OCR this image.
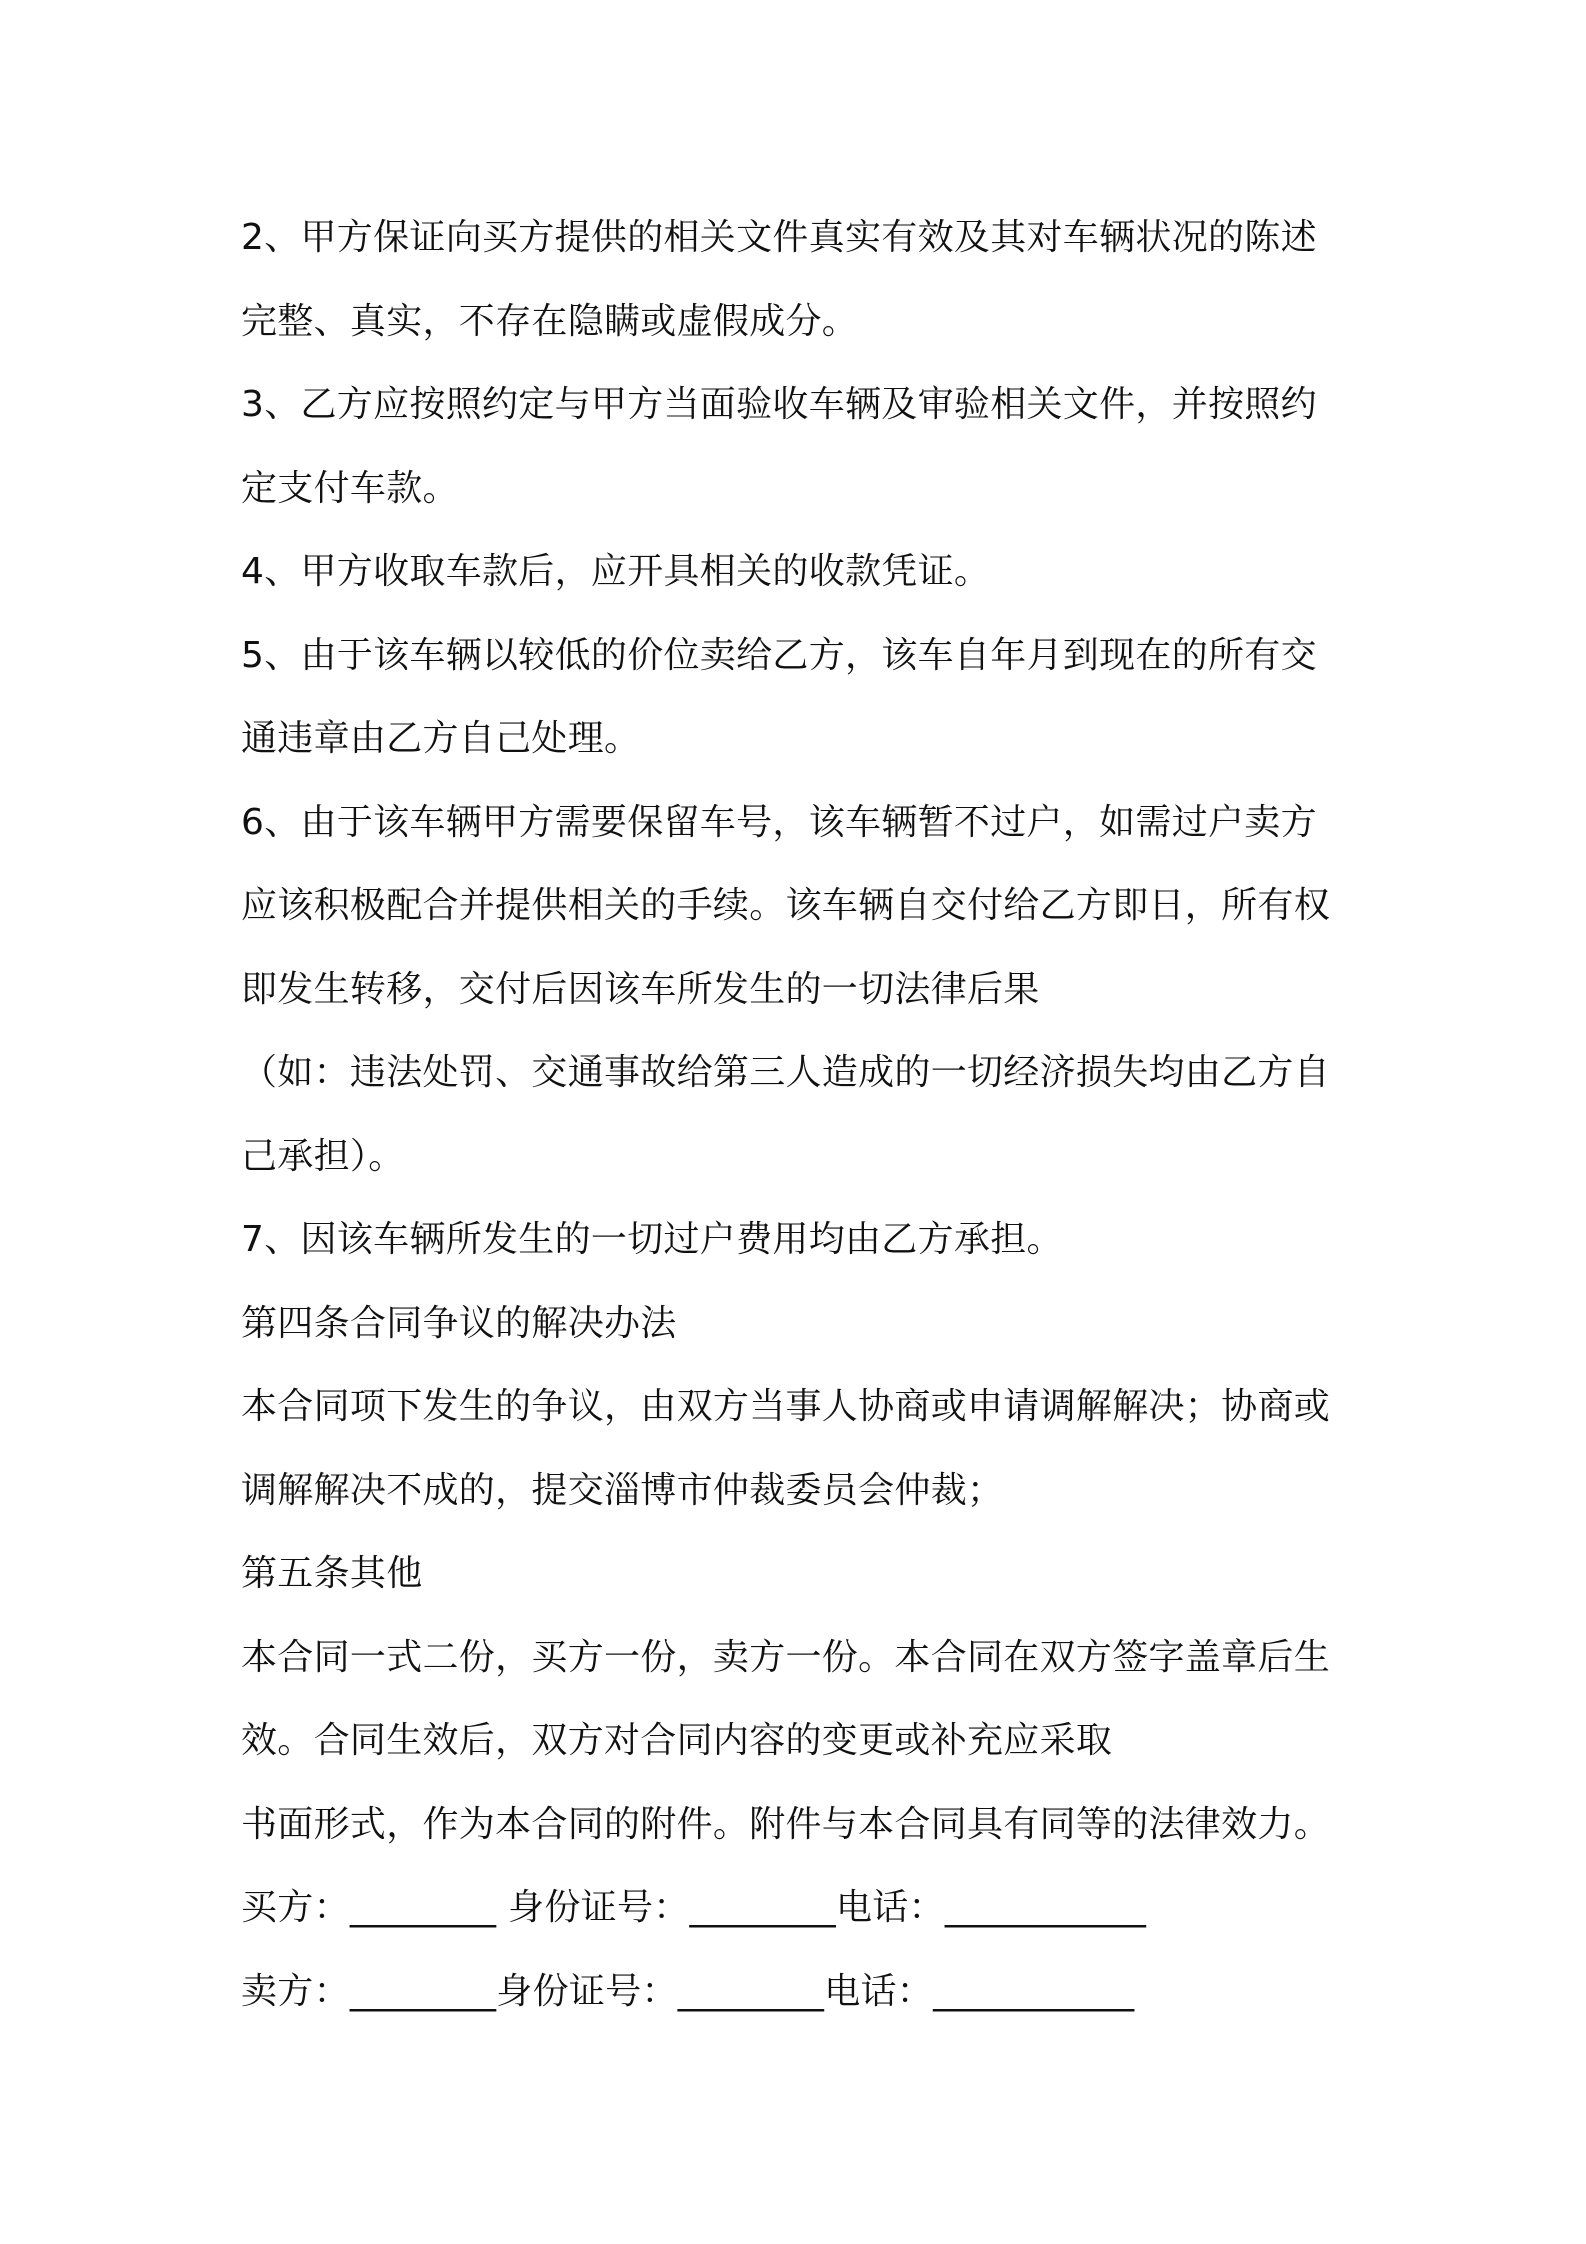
2、甲方保证向买方提供的相关文件真实有效及其对车辆状况的陈述
完整、真实，不存在隐瞒或虚假成分。
3、乙方应按照约定与甲方当面验收车辆及审验相关文件，并按照约
定支付车款。
4、甲方收取车款后，应开具相关的收款凭证。
5、由于该车辆以较低的价位卖给乙方，该车自年月到现在的所有交
通违章由乙方自己处理。
6、由于该车辆甲方需要保留车号，该车辆暂不过户，如需过户卖方
应该积极配合并提供相关的手续。该车辆自交付给乙方即日，所有权
即发生转移，交付后因该车所发生的一切法律后果
（如：违法处罚、交通事故给第三人造成的一切经济损失均由乙方自
己承担）。
7、因该车辆所发生的一切过户费用均由乙方承担。
第四条合同争议的解决办法
本合同项下发生的争议，由双方当事人协商或申请调解解决；协商或
调解解决不成的，提交淄博市仲裁委员会仲裁；
第五条其他
本合同一式二份，买方一份，卖方一份。本合同在双方签字盖章后生
效。合同生效后，双方对合同内容的变更或补充应采取
书面形式，作为本合同的附件。附件与本合同具有同等的法律效力。
买方：________ 身份证号：________电话：___________
卖方：________身份证号：________电话：___________
